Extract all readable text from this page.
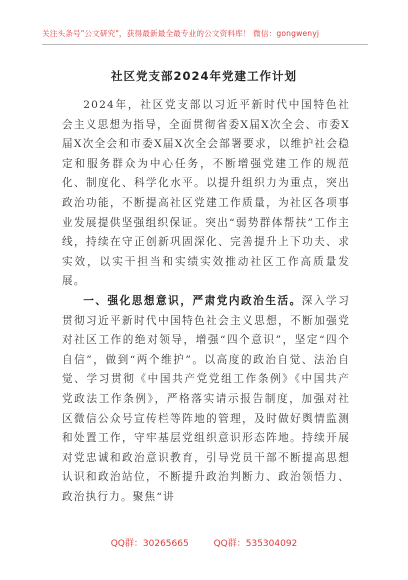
关注头条号"公文研究"，获得最新最全最专业的公文资料库！ 微信：gongwenyj
社区党支部2024年党建工作计划

2024年，社区党支部以习近平新时代中国特色社会主义思想为指导，全面贯彻省委X届X次全会、市委X届X次全会和市委X届X次全会部署要求，以维护社会稳定和服务群众为中心任务，不断增强党建工作的规范化、制度化、科学化水平。以提升组织力为重点，突出政治功能，不断提高社区党建工作质量，为社区各项事业发展提供坚强组织保证。突出“弱势群体帮扶”工作主线，持续在守正创新巩固深化、完善提升上下功夫、求实效，以实干担当和实绩实效推动社区工作高质量发展。

一、强化思想意识，严肃党内政治生活。深入学习贯彻习近平新时代中国特色社会主义思想，不断加强党对社区工作的绝对领导，增强“四个意识”，坚定“四个自信”，做到“两个维护”。以高度的政治自觉、法治自觉、学习贯彻《中国共产党党组工作条例》《中国共产党政法工作条例》，严格落实请示报告制度，加强对社区微信公众号宣传栏等阵地的管理，及时做好舆情监测和处置工作，守牢基层党组织意识形态阵地。持续开展对党忠诚和政治意识教育，引导党员干部不断提高思想认识和政治站位，不断提升政治判断力、政治领悟力、政治执行力。聚焦“讲

QQ群：30265665	QQ群：535304092
